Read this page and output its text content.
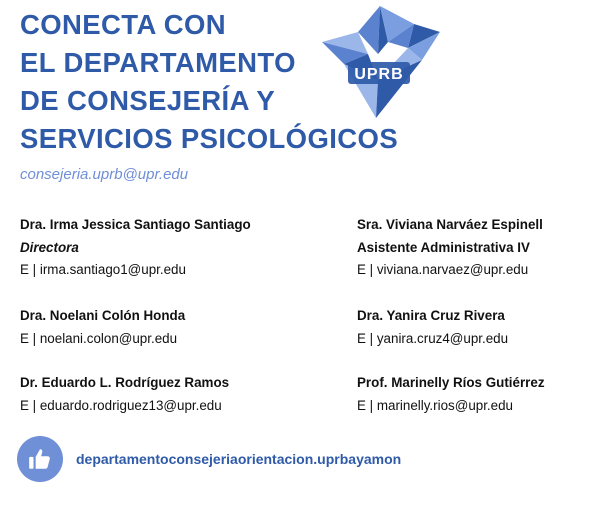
CONECTA CON
EL DEPARTAMENTO
DE CONSEJERÍA Y
SERVICIOS PSICOLÓGICOS
UPRB
consejeria.uprb@upr.edu
Dra. Irma Jessica Santiago Santiago
Directora
E | irma.santiago1@upr.edu
Sra. Viviana Narváez Espinell
Asistente Administrativa IV
E | viviana.narvaez@upr.edu
Dra. Noelani Colón Honda
E | noelani.colon@upr.edu
Dra. Yanira Cruz Rivera
E | yanira.cruz4@upr.edu
Dr. Eduardo L. Rodríguez Ramos
E | eduardo.rodriguez13@upr.edu
Prof. Marinelly Ríos Gutiérrez
E | marinelly.rios@upr.edu
departamentoconsejeriaorientacion.uprbayamon
